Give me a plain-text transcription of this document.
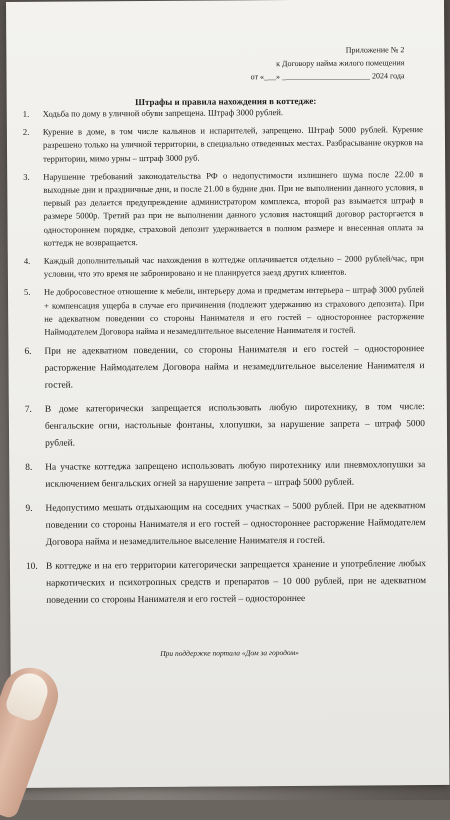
Приложение № 2
к Договору найма жилого помещения
от «___» ______________________ 2024 года
Штрафы и правила нахождения в коттедже:
1.	Ходьба по дому в уличной обуви запрещена. Штраф 3000 рублей.
2.	Курение в доме, в том числе кальянов и испарителей, запрещено. Штраф 5000 рублей. Курение разрешено только на уличной территории, в специально отведенных местах. Разбрасывание окурков на территории, мимо урны – штраф 3000 руб.
3.	Нарушение требований законодательства РФ о недопустимости излишнего шума после 22.00 в выходные дни и праздничные дни, и после 21.00 в будние дни. При не выполнении данного условия, в первый раз делается предупреждение администратором комплекса, второй раз взымается штраф в размере 5000р. Третий раз при не выполнении данного условия настоящий договор расторгается в одностороннем порядке, страховой депозит удерживается в полном размере и внесенная оплата за коттедж не возвращается.
4.	Каждый дополнительный час нахождения в коттедже оплачивается отдельно – 2000 рублей/час, при условии, что это время не забронировано и не планируется заезд других клиентов.
5.	Не добросовестное отношение к мебели, интерьеру дома и предметам интерьера – штраф 3000 рублей + компенсация ущерба в случае его причинения (подлежит удержанию из страхового депозита). При не адекватном поведении со стороны Нанимателя и его гостей – одностороннее расторжение Наймодателем Договора найма и незамедлительное выселение Нанимателя и гостей.
6.	При не адекватном поведении, со стороны Нанимателя и его гостей – одностороннее расторжение Наймодателем Договора найма и незамедлительное выселение Нанимателя и гостей.
7.	В доме категорически запрещается использовать любую пиротехнику, в том числе: бенгальские огни, настольные фонтаны, хлопушки, за нарушение запрета – штраф 5000 рублей.
8.	На участке коттеджа запрещено использовать любую пиротехнику или пневмохлопушки за исключением бенгальских огней за нарушение запрета – штраф 5000 рублей.
9.	Недопустимо мешать отдыхающим на соседних участках – 5000 рублей. При не адекватном поведении со стороны Нанимателя и его гостей – одностороннее расторжение Наймодателем Договора найма и незамедлительное выселение Нанимателя и гостей.
10. В коттедже и на его территории категорически запрещается хранение и употребление любых наркотических и психотропных средств и препаратов – 10 000 рублей, при не адекватном поведении со стороны Нанимателя и его гостей – одностороннее
При поддержке портала «Дом за городом»
